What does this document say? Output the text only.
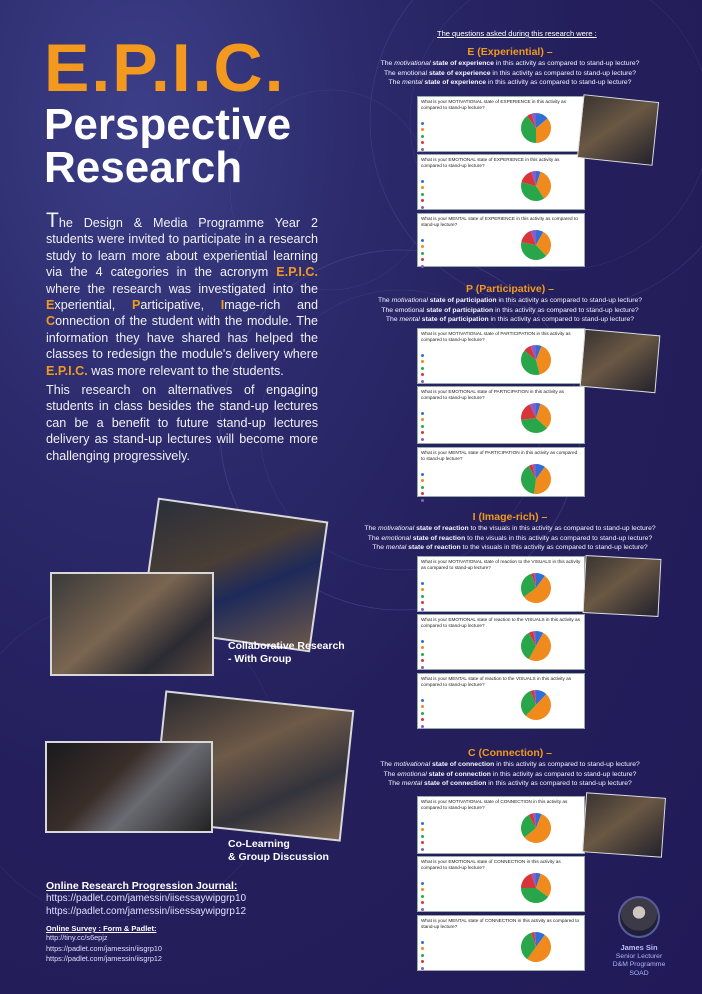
E.P.I.C.
Perspective
Research
The Design & Media Programme Year 2 students were invited to participate in a research study to learn more about experiential learning via the 4 categories in the acronym E.P.I.C. where the research was investigated into the Experiential, Participative, Image-rich and Connection of the student with the module. The information they have shared has helped the classes to redesign the module's delivery where E.P.I.C. was more relevant to the students.
This research on alternatives of engaging students in class besides the stand-up lectures can be a benefit to future stand-up lectures delivery as stand-up lectures will become more challenging progressively.
Collaborative Research
- With Group
Co-Learning
& Group Discussion
Online Research Progression Journal:
https://padlet.com/jamessin/iisessaywipgrp10
https://padlet.com/jamessin/iisessaywipgrp12
Online Survey : Form & Padlet:
http://tiny.cc/s6epjz
https://padlet.com/jamessin/iisgrp10
https://padlet.com/jamessin/iisgrp12
The questions asked during this research were :
E (Experiential) –
The motivational state of experience in this activity as compared to stand-up lecture?
The emotional state of experience in this activity as compared to stand-up lecture?
The mental state of experience in this activity as compared to stand-up lecture?
P (Participative) –
The motivational state of participation in this activity as compared to stand-up lecture?
The emotional state of participation in this activity as compared to stand-up lecture?
The mental state of participation in this activity as compared to stand-up lecture?
I (Image-rich) –
The motivational state of reaction to the visuals in this activity as compared to stand-up lecture?
The emotional state of reaction to the visuals in this activity as compared to stand-up lecture?
The mental state of reaction to the visuals in this activity as compared to stand-up lecture?
C (Connection) –
The motivational state of connection in this activity as compared to stand-up lecture?
The emotional state of connection in this activity as compared to stand-up lecture?
The mental state of connection in this activity as compared to stand-up lecture?
What is your MOTIVATIONAL state of EXPERIENCE in this activity as compared to stand-up lecture?
What is your EMOTIONAL state of EXPERIENCE in this activity as compared to stand-up lecture?
What is your MENTAL state of EXPERIENCE in this activity as compared to stand-up lecture?
What is your MOTIVATIONAL state of PARTICIPATION in this activity as compared to stand-up lecture?
What is your EMOTIONAL state of PARTICIPATION in this activity as compared to stand-up lecture?
What is your MENTAL state of PARTICIPATION in this activity as compared to stand-up lecture?
What is your MOTIVATIONAL state of reaction to the VISUALS in this activity as compared to stand-up lecture?
What is your EMOTIONAL state of reaction to the VISUALS in this activity as compared to stand-up lecture?
What is your MENTAL state of reaction to the VISUALS in this activity as compared to stand-up lecture?
What is your MOTIVATIONAL state of CONNECTION in this activity as compared to stand-up lecture?
What is your EMOTIONAL state of CONNECTION in this activity as compared to stand-up lecture?
What is your MENTAL state of CONNECTION in this activity as compared to stand-up lecture?
James Sin
Senior Lecturer
D&M Programme
SOAD
